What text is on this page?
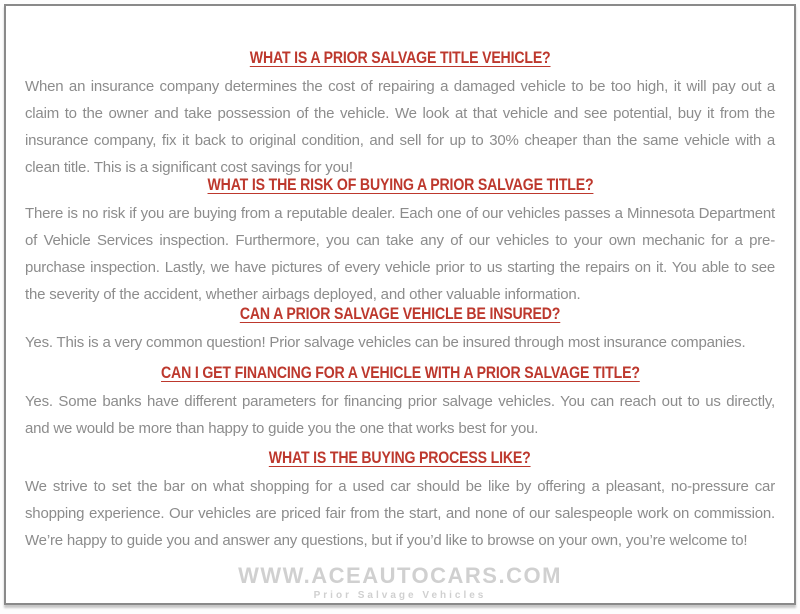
WHAT IS A PRIOR SALVAGE TITLE VEHICLE?

When an insurance company determines the cost of repairing a damaged vehicle to be too high, it will pay out a claim to the owner and take possession of the vehicle. We look at that vehicle and see potential, buy it from the insurance company, fix it back to original condition, and sell for up to 30% cheaper than the same vehicle with a clean title. This is a significant cost savings for you!

WHAT IS THE RISK OF BUYING A PRIOR SALVAGE TITLE?

There is no risk if you are buying from a reputable dealer. Each one of our vehicles passes a Minnesota Department of Vehicle Services inspection. Furthermore, you can take any of our vehicles to your own mechanic for a pre-purchase inspection. Lastly, we have pictures of every vehicle prior to us starting the repairs on it. You able to see the severity of the accident, whether airbags deployed, and other valuable information.

CAN A PRIOR SALVAGE VEHICLE BE INSURED?

Yes. This is a very common question! Prior salvage vehicles can be insured through most insurance companies.

CAN I GET FINANCING FOR A VEHICLE WITH A PRIOR SALVAGE TITLE?

Yes. Some banks have different parameters for financing prior salvage vehicles. You can reach out to us directly, and we would be more than happy to guide you the one that works best for you.

WHAT IS THE BUYING PROCESS LIKE?

We strive to set the bar on what shopping for a used car should be like by offering a pleasant, no-pressure car shopping experience. Our vehicles are priced fair from the start, and none of our salespeople work on commission. We’re happy to guide you and answer any questions, but if you’d like to browse on your own, you’re welcome to!

WWW.ACEAUTOCARS.COM
Prior Salvage Vehicles
